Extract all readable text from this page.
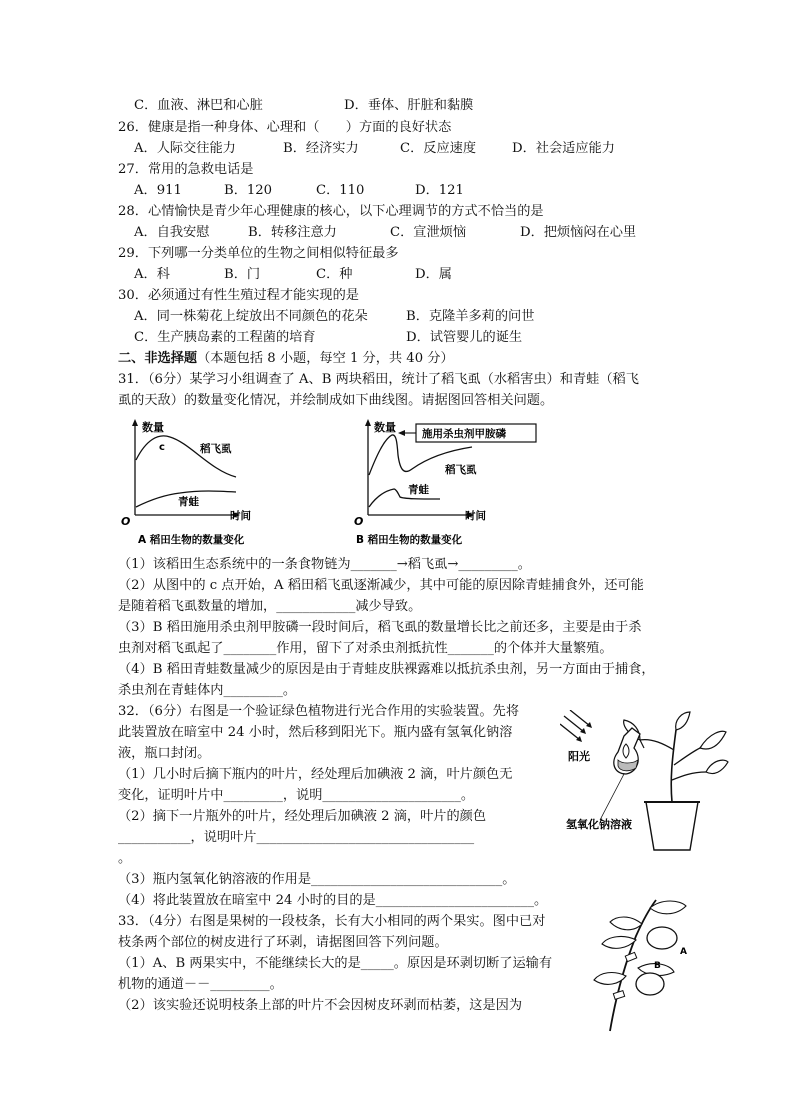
C．血液、淋巴和心脏	D．垂体、肝脏和黏膜
26．健康是指一种身体、心理和（　　）方面的良好状态
A．人际交往能力	B．经济实力	C．反应速度	D．社会适应能力
27．常用的急救电话是
A．911	B．120	C．110	D．121
28．心情愉快是青少年心理健康的核心，以下心理调节的方式不恰当的是
A．自我安慰	B．转移注意力	C．宣泄烦恼	D．把烦恼闷在心里
29．下列哪一分类单位的生物之间相似特征最多
A．科	B．门	C．种	D．属
30．必须通过有性生殖过程才能实现的是
A．同一株菊花上绽放出不同颜色的花朵	B．克隆羊多莉的问世
C．生产胰岛素的工程菌的培育	D．试管婴儿的诞生
二、非选择题（本题包括 8 小题，每空 1 分，共 40 分）
31．（6分）某学习小组调查了 A、B 两块稻田，统计了稻飞虱（水稻害虫）和青蛙（稻飞
虱的天敌）的数量变化情况，并绘制成如下曲线图。请据图回答相关问题。
数量
c	稻飞虱
青蛙
O	时间
A 稻田生物的数量变化
施用杀虫剂甲胺磷
数量
稻飞虱
青蛙
O	时间
B 稻田生物的数量变化
（1）该稻田生态系统中的一条食物链为_______→稻飞虱→_________。
（2）从图中的 c 点开始，A 稻田稻飞虱逐渐减少，其中可能的原因除青蛙捕食外，还可能
是随着稻飞虱数量的增加，____________减少导致。
（3）B 稻田施用杀虫剂甲胺磷一段时间后，稻飞虱的数量增长比之前还多，主要是由于杀
虫剂对稻飞虱起了________作用，留下了对杀虫剂抵抗性_______的个体并大量繁殖。
（4）B 稻田青蛙数量减少的原因是由于青蛙皮肤裸露难以抵抗杀虫剂，另一方面由于捕食，
杀虫剂在青蛙体内_________。
32．（6分）右图是一个验证绿色植物进行光合作用的实验装置。先将
此装置放在暗室中 24 小时，然后移到阳光下。瓶内盛有氢氧化钠溶
液，瓶口封闭。
（1）几小时后摘下瓶内的叶片，经处理后加碘液 2 滴，叶片颜色无
变化，证明叶片中_________，说明_____________________。
（2）摘下一片瓶外的叶片，经处理后加碘液 2 滴，叶片的颜色
___________，说明叶片_________________________________
。
（3）瓶内氢氧化钠溶液的作用是_____________________________。
（4）将此装置放在暗室中 24 小时的目的是________________________。
阳光
氢氧化钠溶液
33．（4分）右图是果树的一段枝条，长有大小相同的两个果实。图中已对
枝条两个部位的树皮进行了环剥，请据图回答下列问题。
（1）A、B 两果实中，不能继续长大的是_____。原因是环剥切断了运输有
机物的通道－－_________。
（2）该实验还说明枝条上部的叶片不会因树皮环剥而枯萎，这是因为
A
B
